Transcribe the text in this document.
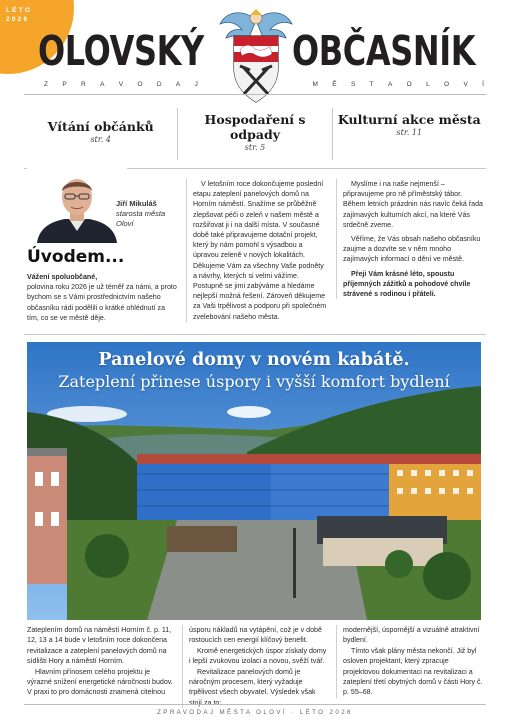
LÉTO
2026
OLOVSKÝ OBČASNÍK
Z P R A V O D A J	M Ě S T A O L O V Í
Vítání občánků
str. 4
Hospodaření s odpady
str. 5
Kulturní akce města
str. 11
Jiří Mikuláš
starosta města Oloví
Úvodem...
Vážení spoluobčané,
polovina roku 2026 je už téměř za námi, a proto bychom se s Vámi prostřednictvím našeho občasníku rádi podělili o krátké ohlédnutí za tím, co se ve městě děje.
V letošním roce dokončujeme poslední etapu zateplení panelových domů na Horním náměstí. Snažíme se průběžně zlepšovat péči o zeleň v našem městě a rozšiřovat ji i na další místa. V současné době také připravujeme dotační projekt, který by nám pomohl s výsadbou a úpravou zeleně v nových lokalitách. Děkujeme Vám za všechny Vaše podněty a návrhy, kterých si velmi vážíme. Postupně se jimi zabýváme a hledáme nejlepší možná řešení. Zároveň děkujeme za Vaši trpělivost a podporu při společném zvelebování našeho města.
Myslíme i na naše nejmenší – připravujeme pro ně příměstský tábor. Během letních prázdnin nás navíc čeká řada zajímavých kulturních akcí, na které Vás srdečně zveme.
Věříme, že Vás obsah našeho občasníku zaujme a dozvíte se v něm mnoho zajímavých informací o dění ve městě.
Přeji Vám krásné léto, spoustu příjemných zážitků a pohodové chvíle strávené s rodinou i přáteli.
Panelové domy v novém kabátě.
Zateplení přinese úspory i vyšší komfort bydlení
Zateplením domů na náměstí Horním č. p. 11, 12, 13 a 14 bude v letošním roce dokončena revitalizace a zateplení panelových domů na sídlišti Hory a náměstí Horním.
Hlavním přínosem celého projektu je výrazné snížení energetické náročnosti budov. V praxi to pro domácnosti znamená citelnou
úsporu nákladů na vytápění, což je v době rostoucích cen energií klíčový benefit.
Kromě energetických úspor získaly domy i lepší zvukovou izolaci a novou, svěží tvář.
Revitalizace panelových domů je náročným procesem, který vyžaduje trpělivost všech obyvatel. Výsledek však stojí za to:
modernější, úspornější a vizuálně atraktivní bydlení.
Tímto však plány města nekončí. Již byl osloven projektant, který zpracuje projektovou dokumentaci na revitalizaci a zateplení třetí obytných domů v části Hory č. p. 55–68.
ZPRAVODAJ MĚSTA OLOVÍ · LÉTO 2026
